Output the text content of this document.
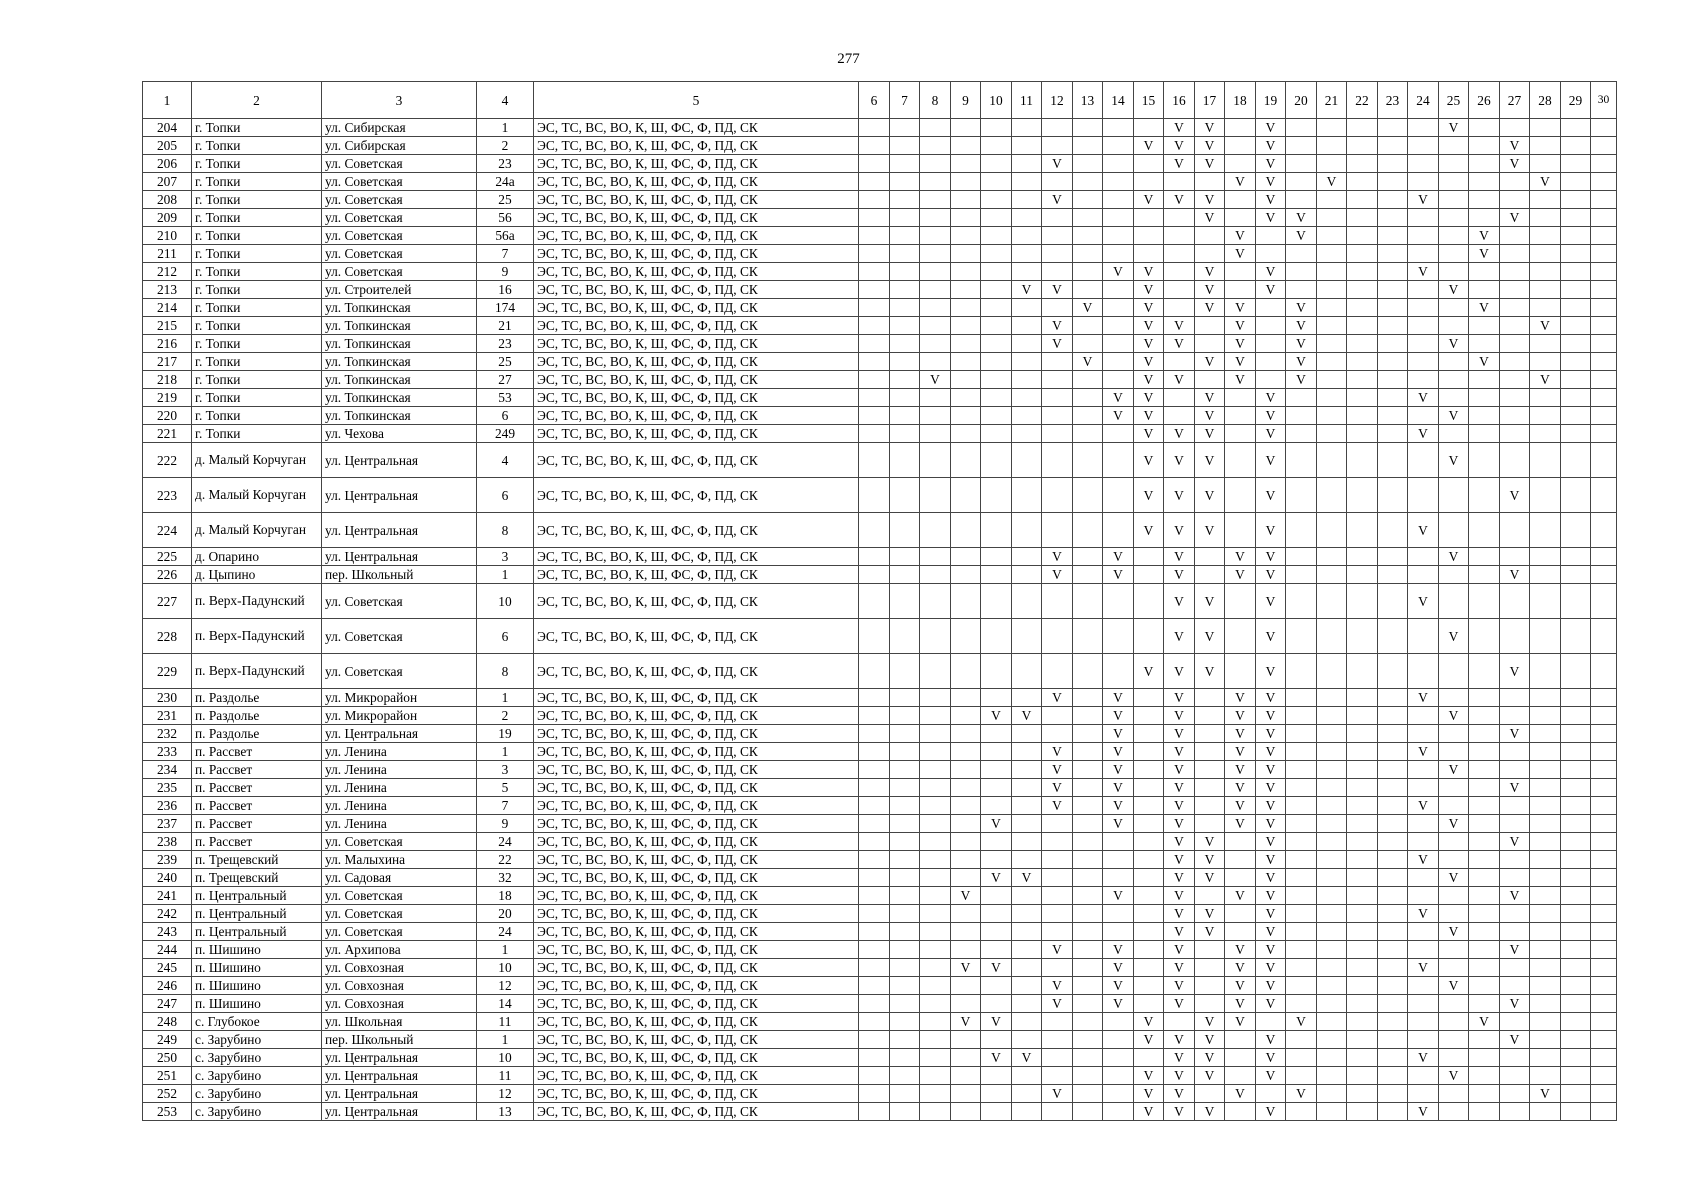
277
1	2	3	4	5	6	7	8	9	10	11	12	13	14	15	16	17	18	19	20	21	22	23	24	25	26	27	28	29	30
204	г. Топки	ул. Сибирская	1	ЭС, ТС, ВС, ВО, К, Ш, ФС, Ф, ПД, СК											V	V		V						V					
205	г. Топки	ул. Сибирская	2	ЭС, ТС, ВС, ВО, К, Ш, ФС, Ф, ПД, СК										V	V	V		V								V			
206	г. Топки	ул. Советская	23	ЭС, ТС, ВС, ВО, К, Ш, ФС, Ф, ПД, СК							V				V	V		V								V			
207	г. Топки	ул. Советская	24а	ЭС, ТС, ВС, ВО, К, Ш, ФС, Ф, ПД, СК													V	V		V							V		
208	г. Топки	ул. Советская	25	ЭС, ТС, ВС, ВО, К, Ш, ФС, Ф, ПД, СК							V			V	V	V		V					V						
209	г. Топки	ул. Советская	56	ЭС, ТС, ВС, ВО, К, Ш, ФС, Ф, ПД, СК												V		V	V							V			
210	г. Топки	ул. Советская	56а	ЭС, ТС, ВС, ВО, К, Ш, ФС, Ф, ПД, СК													V		V						V				
211	г. Топки	ул. Советская	7	ЭС, ТС, ВС, ВО, К, Ш, ФС, Ф, ПД, СК													V								V				
212	г. Топки	ул. Советская	9	ЭС, ТС, ВС, ВО, К, Ш, ФС, Ф, ПД, СК									V	V		V		V					V						
213	г. Топки	ул. Строителей	16	ЭС, ТС, ВС, ВО, К, Ш, ФС, Ф, ПД, СК						V	V			V		V		V						V					
214	г. Топки	ул. Топкинская	174	ЭС, ТС, ВС, ВО, К, Ш, ФС, Ф, ПД, СК								V		V		V	V		V						V				
215	г. Топки	ул. Топкинская	21	ЭС, ТС, ВС, ВО, К, Ш, ФС, Ф, ПД, СК							V			V	V		V		V								V		
216	г. Топки	ул. Топкинская	23	ЭС, ТС, ВС, ВО, К, Ш, ФС, Ф, ПД, СК							V			V	V		V		V					V					
217	г. Топки	ул. Топкинская	25	ЭС, ТС, ВС, ВО, К, Ш, ФС, Ф, ПД, СК								V		V		V	V		V						V				
218	г. Топки	ул. Топкинская	27	ЭС, ТС, ВС, ВО, К, Ш, ФС, Ф, ПД, СК			V							V	V		V		V								V		
219	г. Топки	ул. Топкинская	53	ЭС, ТС, ВС, ВО, К, Ш, ФС, Ф, ПД, СК									V	V		V		V					V						
220	г. Топки	ул. Топкинская	6	ЭС, ТС, ВС, ВО, К, Ш, ФС, Ф, ПД, СК									V	V		V		V						V					
221	г. Топки	ул. Чехова	249	ЭС, ТС, ВС, ВО, К, Ш, ФС, Ф, ПД, СК										V	V	V		V					V						
222	д. Малый Корчуган	ул. Центральная	4	ЭС, ТС, ВС, ВО, К, Ш, ФС, Ф, ПД, СК										V	V	V		V						V					
223	д. Малый Корчуган	ул. Центральная	6	ЭС, ТС, ВС, ВО, К, Ш, ФС, Ф, ПД, СК										V	V	V		V								V			
224	д. Малый Корчуган	ул. Центральная	8	ЭС, ТС, ВС, ВО, К, Ш, ФС, Ф, ПД, СК										V	V	V		V					V						
225	д. Опарино	ул. Центральная	3	ЭС, ТС, ВС, ВО, К, Ш, ФС, Ф, ПД, СК							V		V		V		V	V						V					
226	д. Цыпино	пер. Школьный	1	ЭС, ТС, ВС, ВО, К, Ш, ФС, Ф, ПД, СК							V		V		V		V	V								V			
227	п. Верх-Падунский	ул. Советская	10	ЭС, ТС, ВС, ВО, К, Ш, ФС, Ф, ПД, СК											V	V		V					V						
228	п. Верх-Падунский	ул. Советская	6	ЭС, ТС, ВС, ВО, К, Ш, ФС, Ф, ПД, СК											V	V		V						V					
229	п. Верх-Падунский	ул. Советская	8	ЭС, ТС, ВС, ВО, К, Ш, ФС, Ф, ПД, СК										V	V	V		V								V			
230	п. Раздолье	ул. Микрорайон	1	ЭС, ТС, ВС, ВО, К, Ш, ФС, Ф, ПД, СК							V		V		V		V	V					V						
231	п. Раздолье	ул. Микрорайон	2	ЭС, ТС, ВС, ВО, К, Ш, ФС, Ф, ПД, СК					V	V			V		V		V	V						V					
232	п. Раздолье	ул. Центральная	19	ЭС, ТС, ВС, ВО, К, Ш, ФС, Ф, ПД, СК									V		V		V	V								V			
233	п. Рассвет	ул. Ленина	1	ЭС, ТС, ВС, ВО, К, Ш, ФС, Ф, ПД, СК							V		V		V		V	V					V						
234	п. Рассвет	ул. Ленина	3	ЭС, ТС, ВС, ВО, К, Ш, ФС, Ф, ПД, СК							V		V		V		V	V						V					
235	п. Рассвет	ул. Ленина	5	ЭС, ТС, ВС, ВО, К, Ш, ФС, Ф, ПД, СК							V		V		V		V	V								V			
236	п. Рассвет	ул. Ленина	7	ЭС, ТС, ВС, ВО, К, Ш, ФС, Ф, ПД, СК							V		V		V		V	V					V						
237	п. Рассвет	ул. Ленина	9	ЭС, ТС, ВС, ВО, К, Ш, ФС, Ф, ПД, СК					V				V		V		V	V						V					
238	п. Рассвет	ул. Советская	24	ЭС, ТС, ВС, ВО, К, Ш, ФС, Ф, ПД, СК											V	V		V								V			
239	п. Трещевский	ул. Малыхина	22	ЭС, ТС, ВС, ВО, К, Ш, ФС, Ф, ПД, СК											V	V		V					V						
240	п. Трещевский	ул. Садовая	32	ЭС, ТС, ВС, ВО, К, Ш, ФС, Ф, ПД, СК					V	V					V	V		V						V					
241	п. Центральный	ул. Советская	18	ЭС, ТС, ВС, ВО, К, Ш, ФС, Ф, ПД, СК				V					V		V		V	V								V			
242	п. Центральный	ул. Советская	20	ЭС, ТС, ВС, ВО, К, Ш, ФС, Ф, ПД, СК											V	V		V					V						
243	п. Центральный	ул. Советская	24	ЭС, ТС, ВС, ВО, К, Ш, ФС, Ф, ПД, СК											V	V		V						V					
244	п. Шишино	ул. Архипова	1	ЭС, ТС, ВС, ВО, К, Ш, ФС, Ф, ПД, СК							V		V		V		V	V								V			
245	п. Шишино	ул. Совхозная	10	ЭС, ТС, ВС, ВО, К, Ш, ФС, Ф, ПД, СК				V	V				V		V		V	V					V						
246	п. Шишино	ул. Совхозная	12	ЭС, ТС, ВС, ВО, К, Ш, ФС, Ф, ПД, СК							V		V		V		V	V						V					
247	п. Шишино	ул. Совхозная	14	ЭС, ТС, ВС, ВО, К, Ш, ФС, Ф, ПД, СК							V		V		V		V	V								V			
248	с. Глубокое	ул. Школьная	11	ЭС, ТС, ВС, ВО, К, Ш, ФС, Ф, ПД, СК				V	V					V		V	V		V						V				
249	с. Зарубино	пер. Школьный	1	ЭС, ТС, ВС, ВО, К, Ш, ФС, Ф, ПД, СК										V	V	V		V								V			
250	с. Зарубино	ул. Центральная	10	ЭС, ТС, ВС, ВО, К, Ш, ФС, Ф, ПД, СК					V	V					V	V		V					V						
251	с. Зарубино	ул. Центральная	11	ЭС, ТС, ВС, ВО, К, Ш, ФС, Ф, ПД, СК										V	V	V		V						V					
252	с. Зарубино	ул. Центральная	12	ЭС, ТС, ВС, ВО, К, Ш, ФС, Ф, ПД, СК							V			V	V		V		V								V		
253	с. Зарубино	ул. Центральная	13	ЭС, ТС, ВС, ВО, К, Ш, ФС, Ф, ПД, СК										V	V	V		V					V						
